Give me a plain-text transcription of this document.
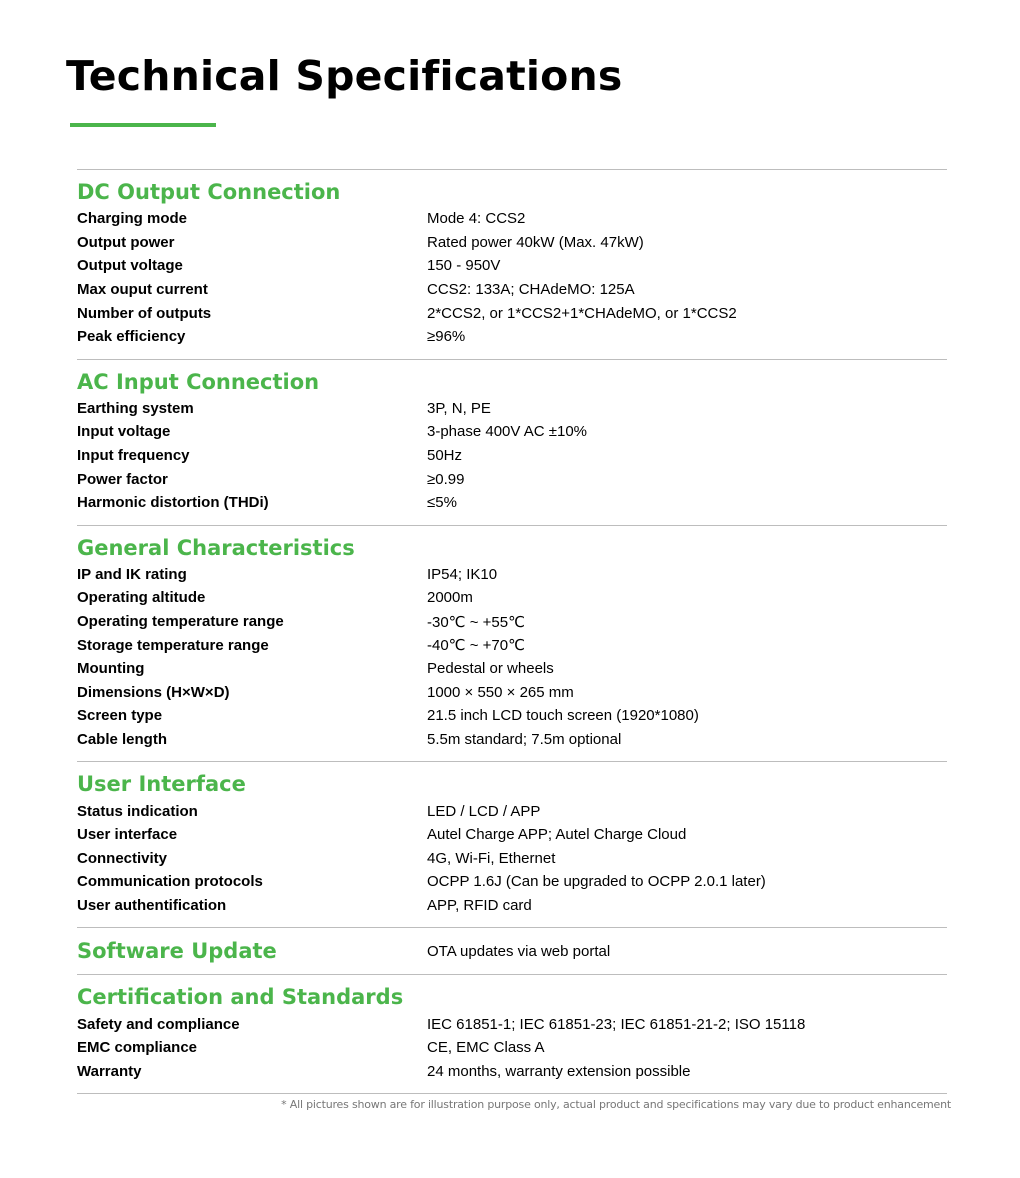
Technical Specifications
DC Output Connection
Charging mode	Mode 4: CCS2
Output power	Rated power 40kW (Max. 47kW)
Output voltage	150 - 950V
Max ouput current	CCS2: 133A; CHAdeMO: 125A
Number of outputs	2*CCS2, or 1*CCS2+1*CHAdeMO, or 1*CCS2
Peak efficiency	≥96%
AC Input Connection
Earthing system	3P, N, PE
Input voltage	3-phase 400V AC ±10%
Input frequency	50Hz
Power factor	≥0.99
Harmonic distortion (THDi)	≤5%
General Characteristics
IP and IK rating	IP54; IK10
Operating altitude	2000m
Operating temperature range	-30℃ ~ +55℃
Storage temperature range	-40℃ ~ +70℃
Mounting	Pedestal or wheels
Dimensions (H×W×D)	1000 × 550 × 265 mm
Screen type	21.5 inch LCD touch screen (1920*1080)
Cable length	5.5m standard; 7.5m optional
User Interface
Status indication	LED / LCD / APP
User interface	Autel Charge APP; Autel Charge Cloud
Connectivity	4G, Wi-Fi, Ethernet
Communication protocols	OCPP 1.6J (Can be upgraded to OCPP 2.0.1 later)
User authentification	APP, RFID card
Software Update	OTA updates via web portal
Certification and Standards
Safety and compliance	IEC 61851-1; IEC 61851-23; IEC 61851-21-2; ISO 15118
EMC compliance	CE, EMC Class A
Warranty	24 months, warranty extension possible
* All pictures shown are for illustration purpose only, actual product and specifications may vary due to product enhancement
